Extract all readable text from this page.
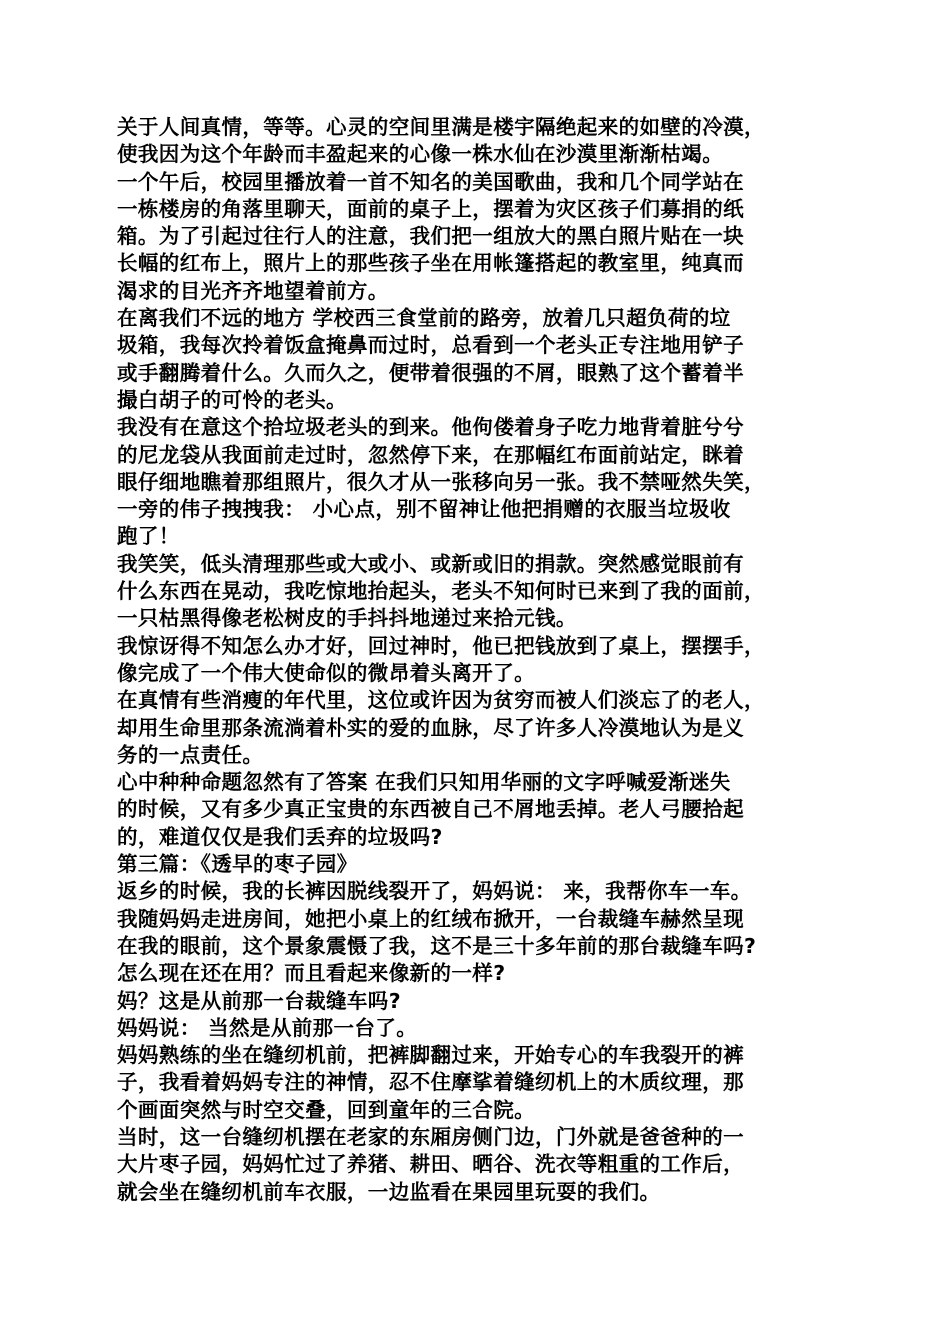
关于人间真情，等等。心灵的空间里满是楼宇隔绝起来的如壁的冷漠，
使我因为这个年龄而丰盈起来的心像一株水仙在沙漠里渐渐枯竭。
一个午后，校园里播放着一首不知名的美国歌曲，我和几个同学站在
一栋楼房的角落里聊天，面前的桌子上，摆着为灾区孩子们募捐的纸
箱。为了引起过往行人的注意，我们把一组放大的黑白照片贴在一块
长幅的红布上，照片上的那些孩子坐在用帐篷搭起的教室里，纯真而
渴求的目光齐齐地望着前方。
在离我们不远的地方 学校西三食堂前的路旁，放着几只超负荷的垃
圾箱，我每次拎着饭盒掩鼻而过时，总看到一个老头正专注地用铲子
或手翻腾着什么。久而久之，便带着很强的不屑，眼熟了这个蓄着半
撮白胡子的可怜的老头。
我没有在意这个拾垃圾老头的到来。他佝偻着身子吃力地背着脏兮兮
的尼龙袋从我面前走过时，忽然停下来，在那幅红布面前站定，眯着
眼仔细地瞧着那组照片，很久才从一张移向另一张。我不禁哑然失笑，
一旁的伟子拽拽我： 小心点，别不留神让他把捐赠的衣服当垃圾收
跑了！
我笑笑，低头清理那些或大或小、或新或旧的捐款。突然感觉眼前有
什么东西在晃动，我吃惊地抬起头，老头不知何时已来到了我的面前，
一只枯黑得像老松树皮的手抖抖地递过来拾元钱。
我惊讶得不知怎么办才好，回过神时，他已把钱放到了桌上，摆摆手，
像完成了一个伟大使命似的微昂着头离开了。
在真情有些消瘦的年代里，这位或许因为贫穷而被人们淡忘了的老人，
却用生命里那条流淌着朴实的爱的血脉，尽了许多人冷漠地认为是义
务的一点责任。
心中种种命题忽然有了答案 在我们只知用华丽的文字呼喊爱渐迷失
的时候，又有多少真正宝贵的东西被自己不屑地丢掉。老人弓腰拾起
的，难道仅仅是我们丢弃的垃圾吗?
第三篇：《透早的枣子园》
返乡的时候，我的长裤因脱线裂开了，妈妈说： 来，我帮你车一车。
我随妈妈走进房间，她把小桌上的红绒布掀开，一台裁缝车赫然呈现
在我的眼前，这个景象震慑了我，这不是三十多年前的那台裁缝车吗?
怎么现在还在用？而且看起来像新的一样?
妈？这是从前那一台裁缝车吗?
妈妈说： 当然是从前那一台了。
妈妈熟练的坐在缝纫机前，把裤脚翻过来，开始专心的车我裂开的裤
子，我看着妈妈专注的神情，忍不住摩挲着缝纫机上的木质纹理，那
个画面突然与时空交叠，回到童年的三合院。
当时，这一台缝纫机摆在老家的东厢房侧门边，门外就是爸爸种的一
大片枣子园，妈妈忙过了养猪、耕田、晒谷、洗衣等粗重的工作后，
就会坐在缝纫机前车衣服，一边监看在果园里玩耍的我们。
